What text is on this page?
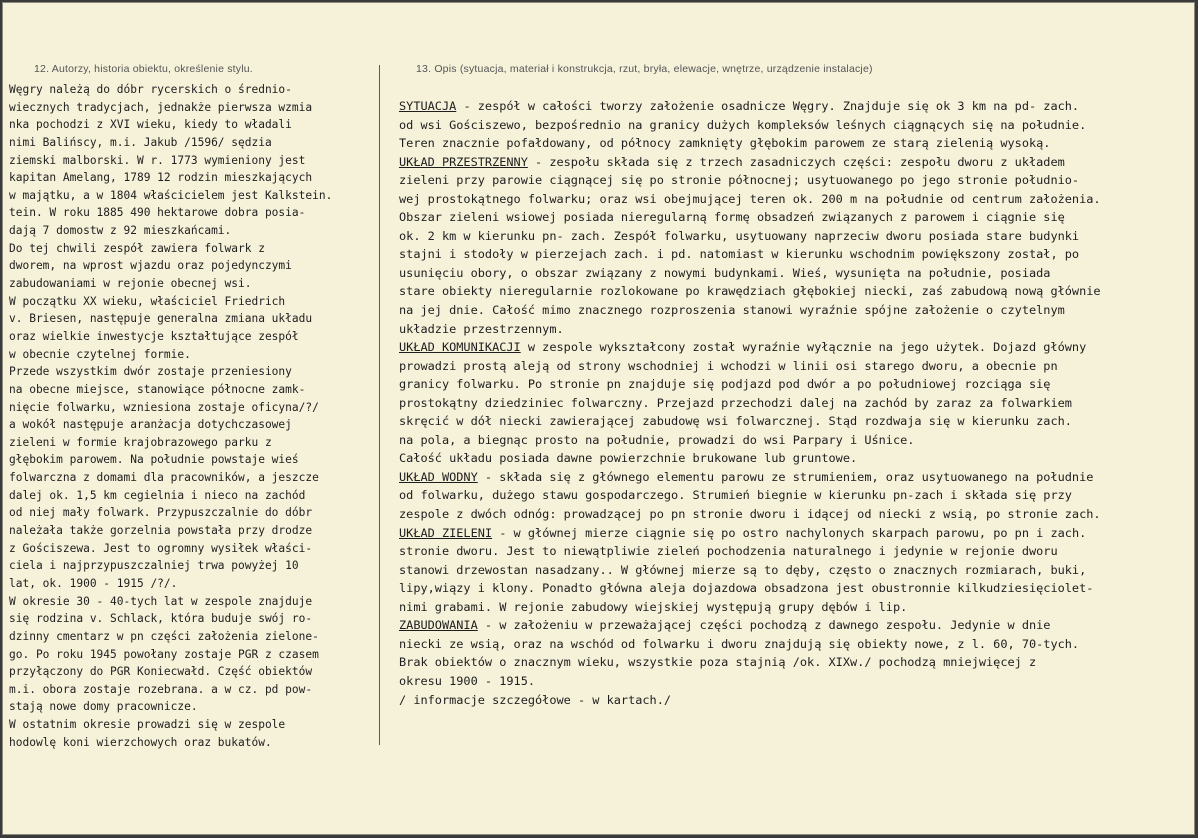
12. Autorzy, historia obiektu, określenie stylu.	13. Opis (sytuacja, materiał i konstrukcja, rzut, bryła, elewacje, wnętrze, urządzenie instalacje)
Węgry należą do dóbr rycerskich o średnio-
wiecznych tradycjach, jednakże pierwsza wzmia
nka pochodzi z XVI wieku, kiedy to władali
nimi Balińscy, m.i. Jakub /1596/ sędzia
ziemski malborski. W r. 1773 wymieniony jest
kapitan Amelang, 1789 12 rodzin mieszkających
w majątku, a w 1804 właścicielem jest Kalkstein.
tein. W roku 1885 490 hektarowe dobra posia-
dają 7 domostw z 92 mieszkańcami.
Do tej chwili zespół zawiera folwark z
dworem, na wprost wjazdu oraz pojedynczymi
zabudowaniami w rejonie obecnej wsi.
W początku XX wieku, właściciel Friedrich
v. Briesen, następuje generalna zmiana układu
oraz wielkie inwestycje kształtujące zespół
w obecnie czytelnej formie.
Przede wszystkim dwór zostaje przeniesiony
na obecne miejsce, stanowiące północne zamk-
nięcie folwarku, wzniesiona zostaje oficyna/?/
a wokół następuje aranżacja dotychczasowej
zieleni w formie krajobrazowego parku z
głębokim parowem. Na południe powstaje wieś
folwarczna z domami dla pracowników, a jeszcze
dalej ok. 1,5 km cegielnia i nieco na zachód
od niej mały folwark. Przypuszczalnie do dóbr
należała także gorzelnia powstała przy drodze
z Gościszewa. Jest to ogromny wysiłek właści-
ciela i najprzypuszczalniej trwa powyżej 10
lat, ok. 1900 - 1915 /?/.
W okresie 30 - 40-tych lat w zespole znajduje
się rodzina v. Schlack, która buduje swój ro-
dzinny cmentarz w pn części założenia zielone-
go. Po roku 1945 powołany zostaje PGR z czasem
przyłączony do PGR Koniecwałd. Część obiektów
m.i. obora zostaje rozebrana. a w cz. pd pow-
stają nowe domy pracownicze.
W ostatnim okresie prowadzi się w zespole
hodowlę koni wierzchowych oraz bukatów.
SYTUACJA - zespół w całości tworzy założenie osadnicze Węgry. Znajduje się ok 3 km na pd- zach.
od wsi Gościszewo, bezpośrednio na granicy dużych kompleksów leśnych ciągnących się na południe.
Teren znacznie pofałdowany, od północy zamknięty głębokim parowem ze starą zielenią wysoką.
UKŁAD PRZESTRZENNY - zespołu składa się z trzech zasadniczych części: zespołu dworu z układem
zieleni przy parowie ciągnącej się po stronie północnej; usytuowanego po jego stronie południo-
wej prostokątnego folwarku; oraz wsi obejmującej teren ok. 200 m na południe od centrum założenia.
Obszar zieleni wsiowej posiada nieregularną formę obsadzeń związanych z parowem i ciągnie się
ok. 2 km w kierunku pn- zach. Zespół folwarku, usytuowany naprzeciw dworu posiada stare budynki
stajni i stodoły w pierzejach zach. i pd. natomiast w kierunku wschodnim powiększony został, po
usunięciu obory, o obszar związany z nowymi budynkami. Wieś, wysunięta na południe, posiada
stare obiekty nieregularnie rozlokowane po krawędziach głębokiej niecki, zaś zabudową nową głównie
na jej dnie. Całość mimo znacznego rozproszenia stanowi wyraźnie spójne założenie o czytelnym
układzie przestrzennym.
UKŁAD KOMUNIKACJI w zespole wykształcony został wyraźnie wyłącznie na jego użytek. Dojazd główny
prowadzi prostą aleją od strony wschodniej i wchodzi w linii osi starego dworu, a obecnie pn
granicy folwarku. Po stronie pn znajduje się podjazd pod dwór a po południowej rozciąga się
prostokątny dziedziniec folwarczny. Przejazd przechodzi dalej na zachód by zaraz za folwarkiem
skręcić w dół niecki zawierającej zabudowę wsi folwarcznej. Stąd rozdwaja się w kierunku zach.
na pola, a biegnąc prosto na południe, prowadzi do wsi Parpary i Uśnice.
Całość układu posiada dawne powierzchnie brukowane lub gruntowe.
UKŁAD WODNY - składa się z głównego elementu parowu ze strumieniem, oraz usytuowanego na południe
od folwarku, dużego stawu gospodarczego. Strumień biegnie w kierunku pn-zach i składa się przy
zespole z dwóch odnóg: prowadzącej po pn stronie dworu i idącej od niecki z wsią, po stronie zach.
UKŁAD ZIELENI - w głównej mierze ciągnie się po ostro nachylonych skarpach parowu, po pn i zach.
stronie dworu. Jest to niewątpliwie zieleń pochodzenia naturalnego i jedynie w rejonie dworu
stanowi drzewostan nasadzany.. W głównej mierze są to dęby, często o znacznych rozmiarach, buki,
lipy,wiązy i klony. Ponadto główna aleja dojazdowa obsadzona jest obustronnie kilkudziesięciolet-
nimi grabami. W rejonie zabudowy wiejskiej występują grupy dębów i lip.
ZABUDOWANIA - w założeniu w przeważającej części pochodzą z dawnego zespołu. Jedynie w dnie
niecki ze wsią, oraz na wschód od folwarku i dworu znajdują się obiekty nowe, z l. 60, 70-tych.
Brak obiektów o znacznym wieku, wszystkie poza stajnią /ok. XIXw./ pochodzą mniejwięcej z
okresu 1900 - 1915.
/ informacje szczegółowe - w kartach./
